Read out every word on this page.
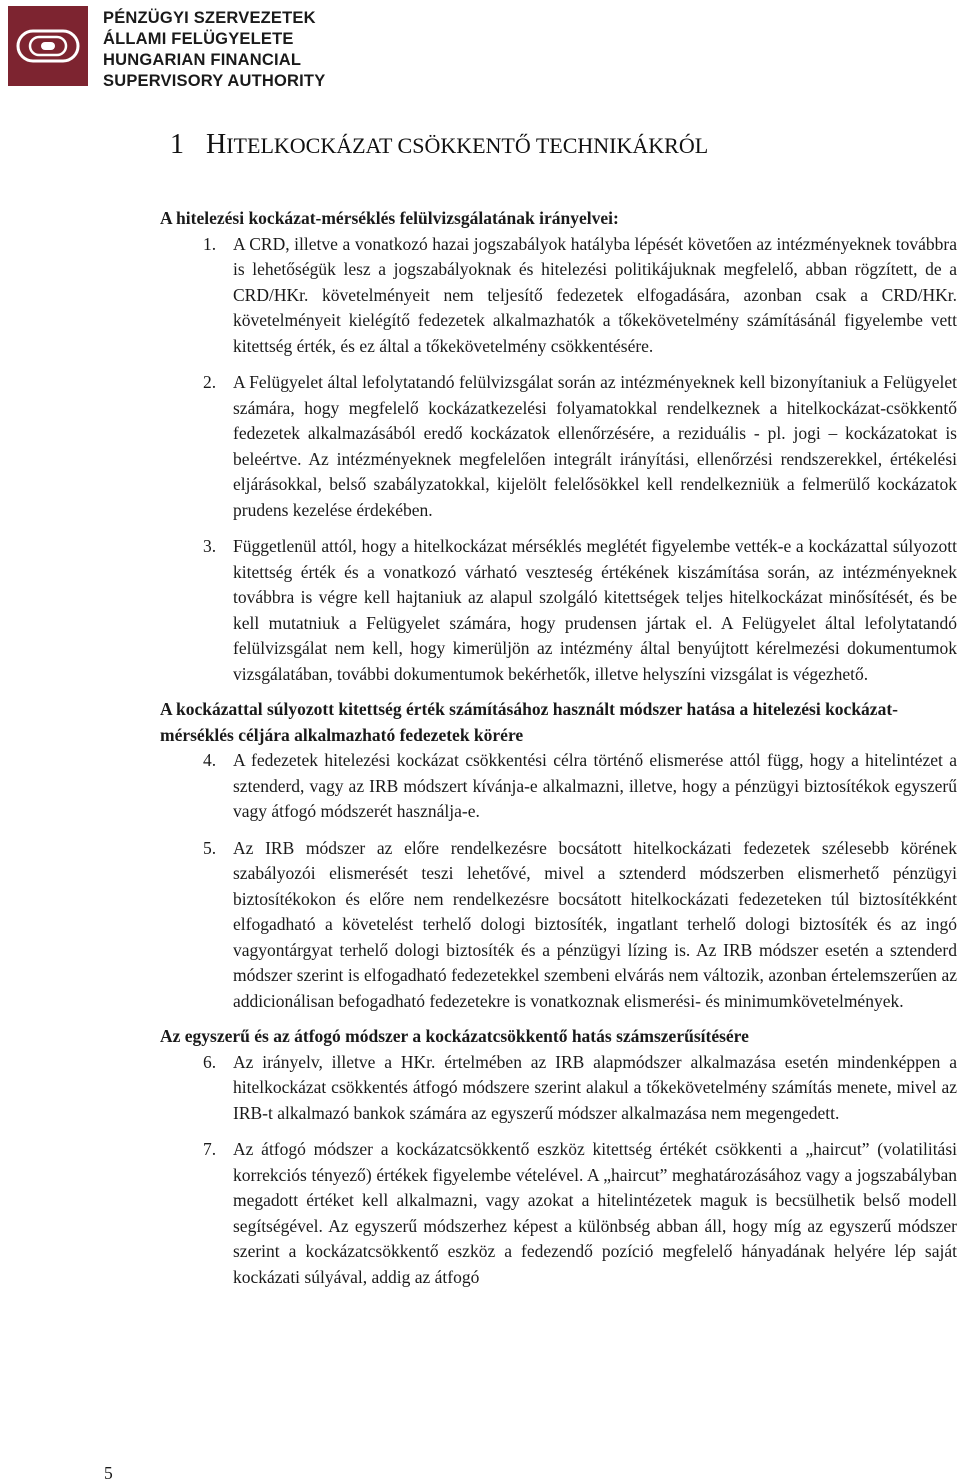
PÉNZÜGYI SZERVEZETEK
ÁLLAMI FELÜGYELETE
HUNGARIAN FINANCIAL
SUPERVISORY AUTHORITY
1 HITELKOCKÁZAT CSÖKKENTŐ TECHNIKÁKRÓL

A hitelezési kockázat-mérséklés felülvizsgálatának irányelvei:

1. A CRD, illetve a vonatkozó hazai jogszabályok hatályba lépését követően az intézményeknek továbbra is lehetőségük lesz a jogszabályoknak és hitelezési politikájuknak megfelelő, abban rögzített, de a CRD/HKr. követelményeit nem teljesítő fedezetek elfogadására, azonban csak a CRD/HKr. követelményeit kielégítő fedezetek alkalmazhatók a tőkekövetelmény számításánál figyelembe vett kitettség érték, és ez által a tőkekövetelmény csökkentésére.
2. A Felügyelet által lefolytatandó felülvizsgálat során az intézményeknek kell bizonyítaniuk a Felügyelet számára, hogy megfelelő kockázatkezelési folyamatokkal rendelkeznek a hitelkockázat-csökkentő fedezetek alkalmazásából eredő kockázatok ellenőrzésére, a reziduális - pl. jogi – kockázatokat is beleértve. Az intézményeknek megfelelően integrált irányítási, ellenőrzési rendszerekkel, értékelési eljárásokkal, belső szabályzatokkal, kijelölt felelősökkel kell rendelkezniük a felmerülő kockázatok prudens kezelése érdekében.
3. Függetlenül attól, hogy a hitelkockázat mérséklés meglétét figyelembe vették-e a kockázattal súlyozott kitettség érték és a vonatkozó várható veszteség értékének kiszámítása során, az intézményeknek továbbra is végre kell hajtaniuk az alapul szolgáló kitettségek teljes hitelkockázat minősítését, és be kell mutatniuk a Felügyelet számára, hogy prudensen jártak el. A Felügyelet által lefolytatandó felülvizsgálat nem kell, hogy kimerüljön az intézmény által benyújtott kérelmezési dokumentumok vizsgálatában, további dokumentumok bekérhetők, illetve helyszíni vizsgálat is végezhető.

A kockázattal súlyozott kitettség érték számításához használt módszer hatása a hitelezési kockázat-mérséklés céljára alkalmazható fedezetek körére

4. A fedezetek hitelezési kockázat csökkentési célra történő elismerése attól függ, hogy a hitelintézet a sztenderd, vagy az IRB módszert kívánja-e alkalmazni, illetve, hogy a pénzügyi biztosítékok egyszerű vagy átfogó módszerét használja-e.
5. Az IRB módszer az előre rendelkezésre bocsátott hitelkockázati fedezetek szélesebb körének szabályozói elismerését teszi lehetővé, mivel a sztenderd módszerben elismerhető pénzügyi biztosítékokon és előre nem rendelkezésre bocsátott hitelkockázati fedezeteken túl biztosítékként elfogadható a követelést terhelő dologi biztosíték, ingatlant terhelő dologi biztosíték és az ingó vagyontárgyat terhelő dologi biztosíték és a pénzügyi lízing is. Az IRB módszer esetén a sztenderd módszer szerint is elfogadható fedezetekkel szembeni elvárás nem változik, azonban értelemszerűen az addicionálisan befogadható fedezetekre is vonatkoznak elismerési- és minimumkövetelmények.

Az egyszerű és az átfogó módszer a kockázatcsökkentő hatás számszerűsítésére

6. Az irányelv, illetve a HKr. értelmében az IRB alapmódszer alkalmazása esetén mindenképpen a hitelkockázat csökkentés átfogó módszere szerint alakul a tőkekövetelmény számítás menete, mivel az IRB-t alkalmazó bankok számára az egyszerű módszer alkalmazása nem megengedett.
7. Az átfogó módszer a kockázatcsökkentő eszköz kitettség értékét csökkenti a „haircut” (volatilitási korrekciós tényező) értékek figyelembe vételével. A „haircut” meghatározásához vagy a jogszabályban megadott értéket kell alkalmazni, vagy azokat a hitelintézetek maguk is becsülhetik belső modell segítségével. Az egyszerű módszerhez képest a különbség abban áll, hogy míg az egyszerű módszer szerint a kockázatcsökkentő eszköz a fedezendő pozíció megfelelő hányadának helyére lép saját kockázati súlyával, addig az átfogó
5
